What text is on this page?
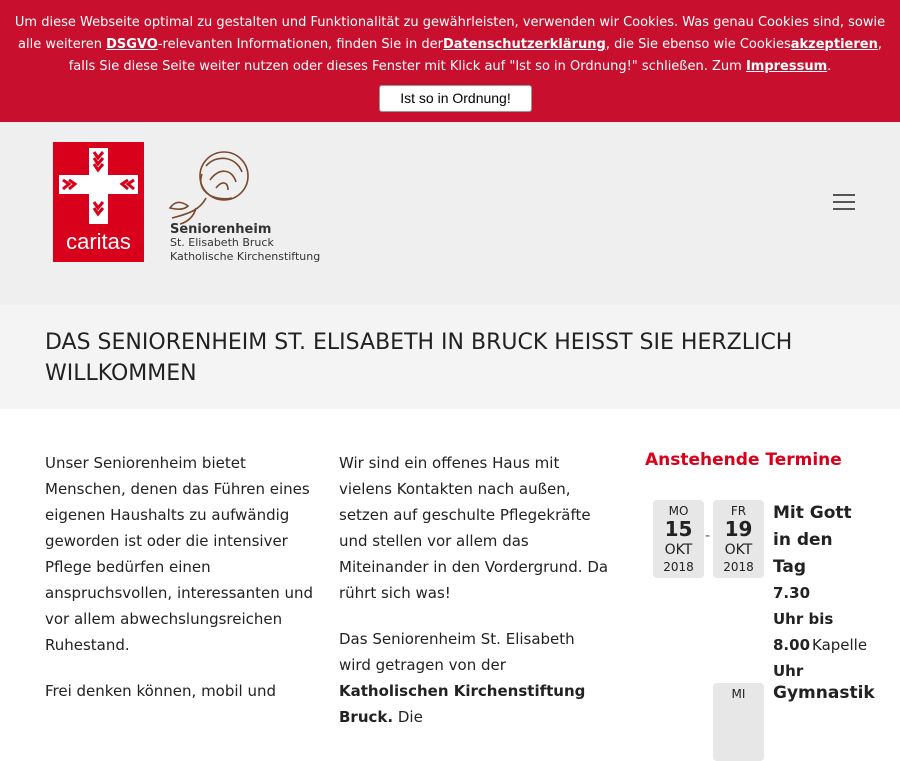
Um diese Webseite optimal zu gestalten und Funktionalität zu gewährleisten, verwenden wir Cookies. Was genau Cookies sind, sowie alle weiteren DSGVO-relevanten Informationen, finden Sie in derDatenschutzerklärung, die Sie ebenso wie Cookiesakzeptieren, falls Sie diese Seite weiter nutzen oder dieses Fenster mit Klick auf "Ist so in Ordnung!" schließen. Zum Impressum.
Ist so in Ordnung!
caritas	Seniorenheim
St. Elisabeth Bruck
Katholische Kirchenstiftung
DAS SENIORENHEIM ST. ELISABETH IN BRUCK HEISST SIE HERZLICH WILLKOMMEN

Unser Seniorenheim bietet Menschen, denen das Führen eines eigenen Haushalts zu aufwändig geworden ist oder die intensiver Pflege bedürfen einen anspruchsvollen, interessanten und vor allem abwechslungsreichen Ruhestand.

Frei denken können, mobil und

Wir sind ein offenes Haus mit vielens Kontakten nach außen, setzen auf geschulte Pflegekräfte und stellen vor allem das Miteinander in den Vordergrund. Da rührt sich was!

Das Seniorenheim St. Elisabeth wird getragen von der Katholischen Kirchenstiftung Bruck. Die

Anstehende Termine
MO
15
OKT
2018
-
FR
19
OKT
2018
Mit Gott in den Tag
7.30 Uhr bis 8.00 Uhr
Kapelle
MI	Gymnastik
